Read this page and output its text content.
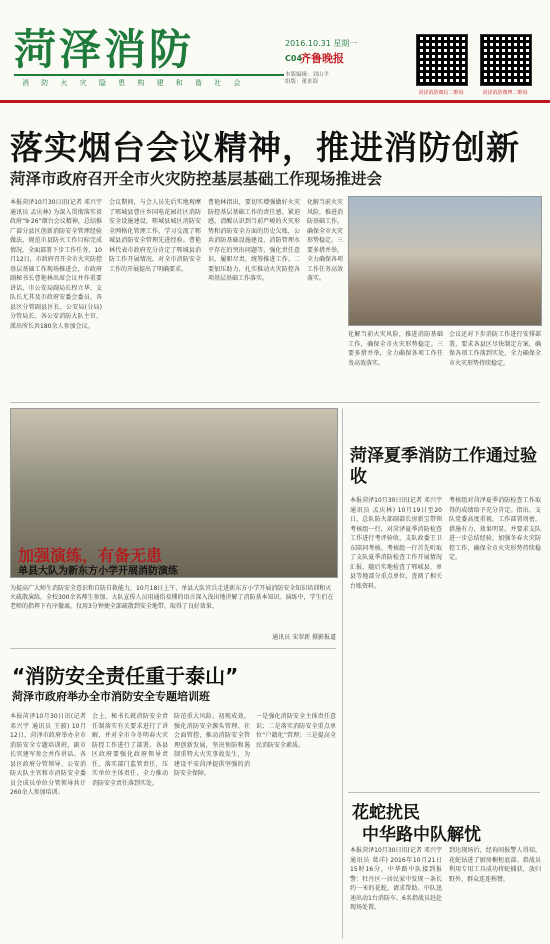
菏泽消防
消 防 火 灾 隐 患 构 建 和 谐 社 会
2016.10.31 星期一
C04
齐鲁晚报
本版编辑：刘山平
组版：董来海
菏泽消防微信二维码	菏泽消防微博二维码
落实烟台会议精神，推进消防创新
菏泽市政府召开全市火灾防控基层基础工作现场推进会
本报菏泽10月30日讯(记者 邓兴宇 通讯员 孟庆林) 为深入贯彻落实省政府“9·26”烟台会议精神，总结推广部分县区创新消防安全管理经验做法，规范市县防火工作目标完成情况，全面部署下步工作任务，10月12日，市政府召开全市火灾防控基层基础工作现场推进会，市政府副秘书长曹艳林出席会议并作重要讲话，市公安局副局长程立华、支队长尤其及市政府安委会委员、各县区分管副县区长、公安局(分局)分管局长、各公安消防大队主官、派出所长共180余人参加会议。
会议期间，与会人员先后实地观摩了郓城县曹庄乡国电花园社区消防安全设施建设，郓城县城区消防安全网格化管理工作，学习交流了郓城县消防安全管理先进经验。曹艳林代表市政府充分肯定了郓城县消防工作开展情况，对全市消防安全工作的开展提出了明确要求。
曹艳林指出，要切实增强做好火灾防控基层基础工作的责任感、紧迫感，清醒认识到当前严峻的火灾形势和消防安全方面的历史欠账，公共消防基础设施建设、消防管理水平存在的突出问题等，强化责任意识，履职尽责，统筹推进工作。二要加压助力，扎实推动火灾防控各项基层基础工作落实。
化解当前火灾风险，推进消防基础工作，确保全市火灾形势稳定。三要多措并举，全力确保各项工作任务高效落实。
化解当前火灾风险，推进消防基础工作，确保全市火灾形势稳定。三要多措并举，全力确保各项工作任务高效落实。
会议还对下步消防工作进行安排部署，要求各县区尽快制定方案，确保各项工作落到实处，全力确保全市火灾形势持续稳定。
加强演练，有备无患
单县大队为新东方小学开展消防演练
为提高广大师生消防安全意识和自防自救能力，10月18日上午，单县大队官兵走进新东方小学开展消防安全知识培训和灭火疏散演练，全校300余名师生参加。大队宣传人员用通俗易懂的语言深入浅出地讲解了消防基本知识。演练中，学生们在老师的指挥下有序撤离，仅用3分钟便全部疏散到安全地带，取得了良好效果。
通讯员 宋翠新 摄影报道
菏泽夏季消防工作通过验收
本报菏泽10月30日讯(记者 邓兴宇 通讯员 孟庆林) 10月19日至20日，总队防火部副部长房新宝带领考核组一行，对菏泽夏季消防检查工作进行考评验收，支队政委王卫东陪同考核。考核组一行首先听取了支队夏季消防检查工作开展情况汇报，随后实地检查了郓城县、单县等地部分重点单位，查阅了相关台账资料。
考核组对菏泽夏季消防检查工作取得的成绩给予充分肯定。指出，支队党委高度重视，工作部署周密，措施有力，效果明显。并要求支队进一步总结经验，加强冬春火灾防控工作，确保全市火灾形势持续稳定。
“消防安全责任重于泰山”
菏泽市政府举办全市消防安全专题培训班
本报菏泽10月30日讯(记者 邓兴宇 通讯员 王毅) 10月12日，菏泽市政府举办全市消防安全专题培训班，副市长官建军参会并作讲话。各县区政府分管领导、公安消防大队主官和市消防安全委员会成员单位分管领导共计260余人参加培训。
会上，秘书长就消防安全责任制落实有关要求进行了讲解，并对全市今冬明春火灾防控工作进行了部署。各县区政府要强化政府领导责任，落实部门监管责任，压实单位主体责任，全力推动消防安全责任落到实处。
防范重大风险，初现成效，强化消防安全源头管理、社会面管控，推动消防安全管理创新发展，坚决预防和遏制重特大火灾事故发生，为建设平安菏泽提供坚强的消防安全保障。
一是强化消防安全主体责任意识；二是落实消防安全重点单位“户籍化”管理；三是提高全民消防安全素质。
花蛇扰民
中华路中队解忧
本报菏泽10月30日讯(记者 邓兴宇 通讯员 葛洋) 2016年10月21日15时16分，中华路中队接到报警：牡丹区一居民家中发现一条长约一米的花蛇，请求帮助。中队迅速出动1台消防车、6名指战员赶赴现场处置。
到达现场后，经询问报警人得知，花蛇钻进了厨房橱柜底部。指战员利用专用工具成功将蛇捕获，放归野外，群众连连称赞。
